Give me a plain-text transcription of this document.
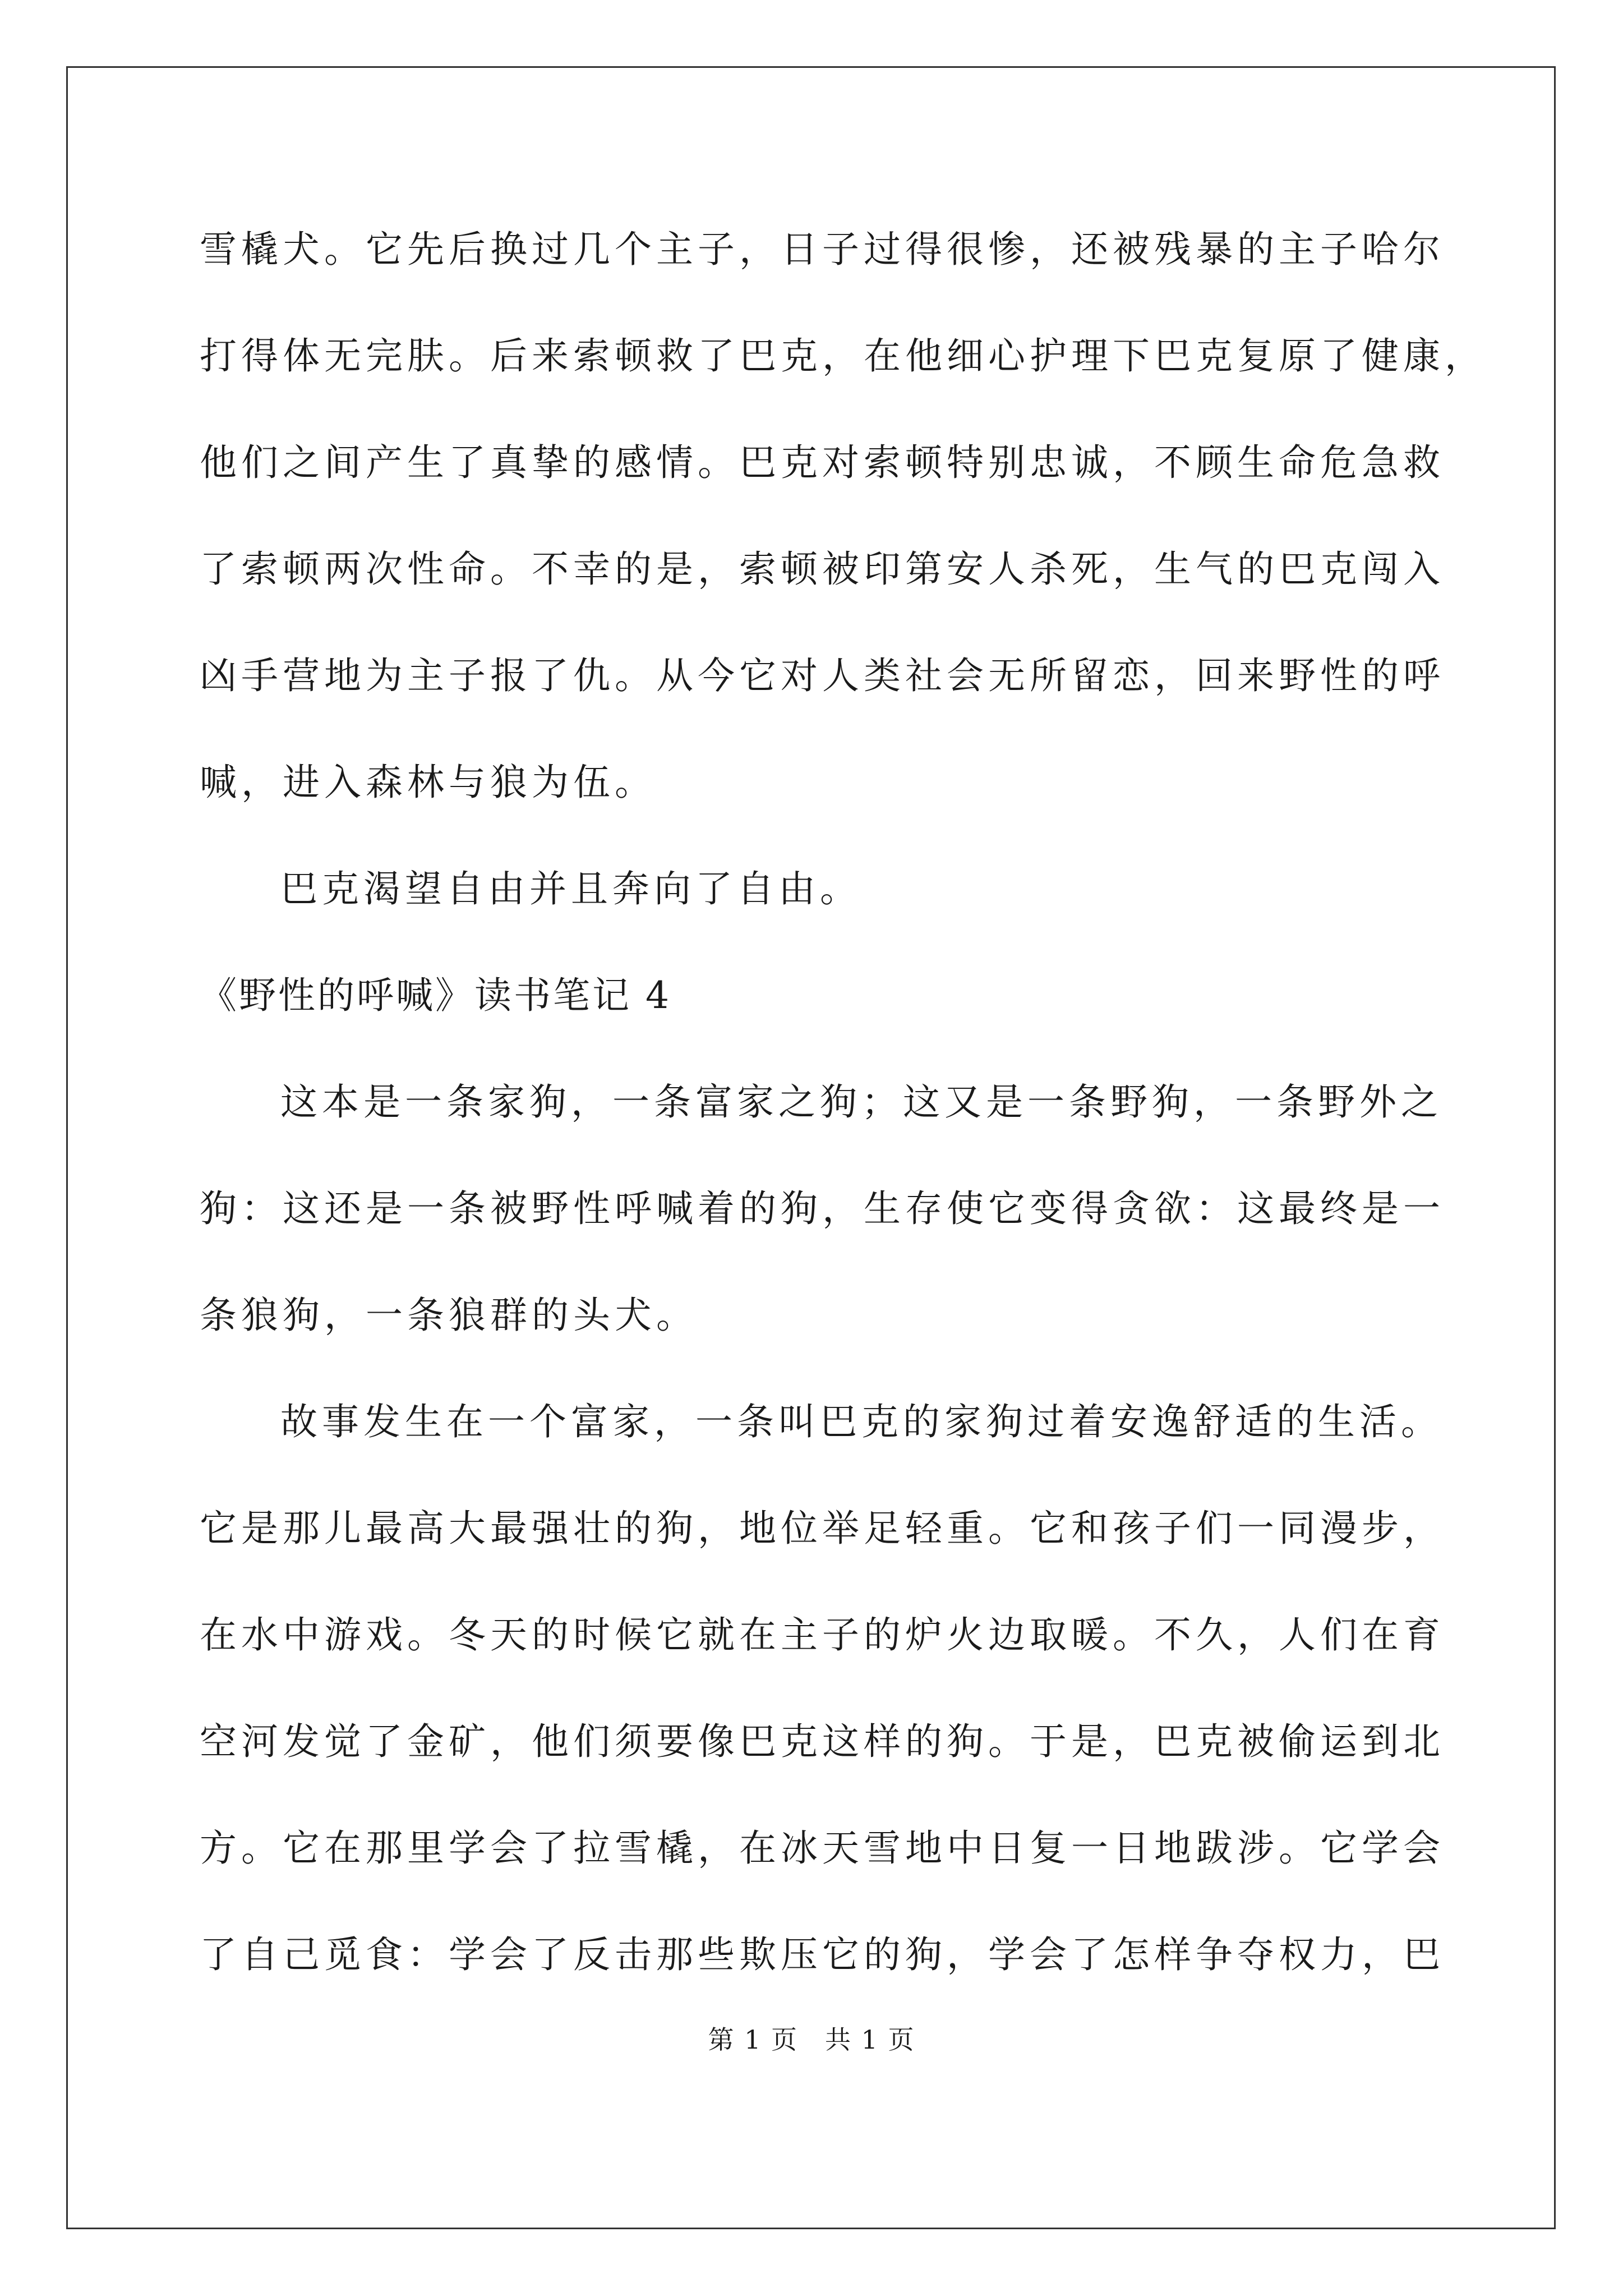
雪橇犬。它先后换过几个主子，日子过得很惨，还被残暴的主子哈尔
打得体无完肤。后来索顿救了巴克，在他细心护理下巴克复原了健康，
他们之间产生了真挚的感情。巴克对索顿特别忠诚，不顾生命危急救
了索顿两次性命。不幸的是，索顿被印第安人杀死，生气的巴克闯入
凶手营地为主子报了仇。从今它对人类社会无所留恋，回来野性的呼
喊，进入森林与狼为伍。
巴克渴望自由并且奔向了自由。
《野性的呼喊》读书笔记 4
这本是一条家狗，一条富家之狗；这又是一条野狗，一条野外之
狗：这还是一条被野性呼喊着的狗，生存使它变得贪欲：这最终是一
条狼狗，一条狼群的头犬。
故事发生在一个富家，一条叫巴克的家狗过着安逸舒适的生活。
它是那儿最高大最强壮的狗，地位举足轻重。它和孩子们一同漫步，
在水中游戏。冬天的时候它就在主子的炉火边取暖。不久，人们在育
空河发觉了金矿，他们须要像巴克这样的狗。于是，巴克被偷运到北
方。它在那里学会了拉雪橇，在冰天雪地中日复一日地跋涉。它学会
了自己觅食：学会了反击那些欺压它的狗，学会了怎样争夺权力，巴
第 1 页　共 1 页
